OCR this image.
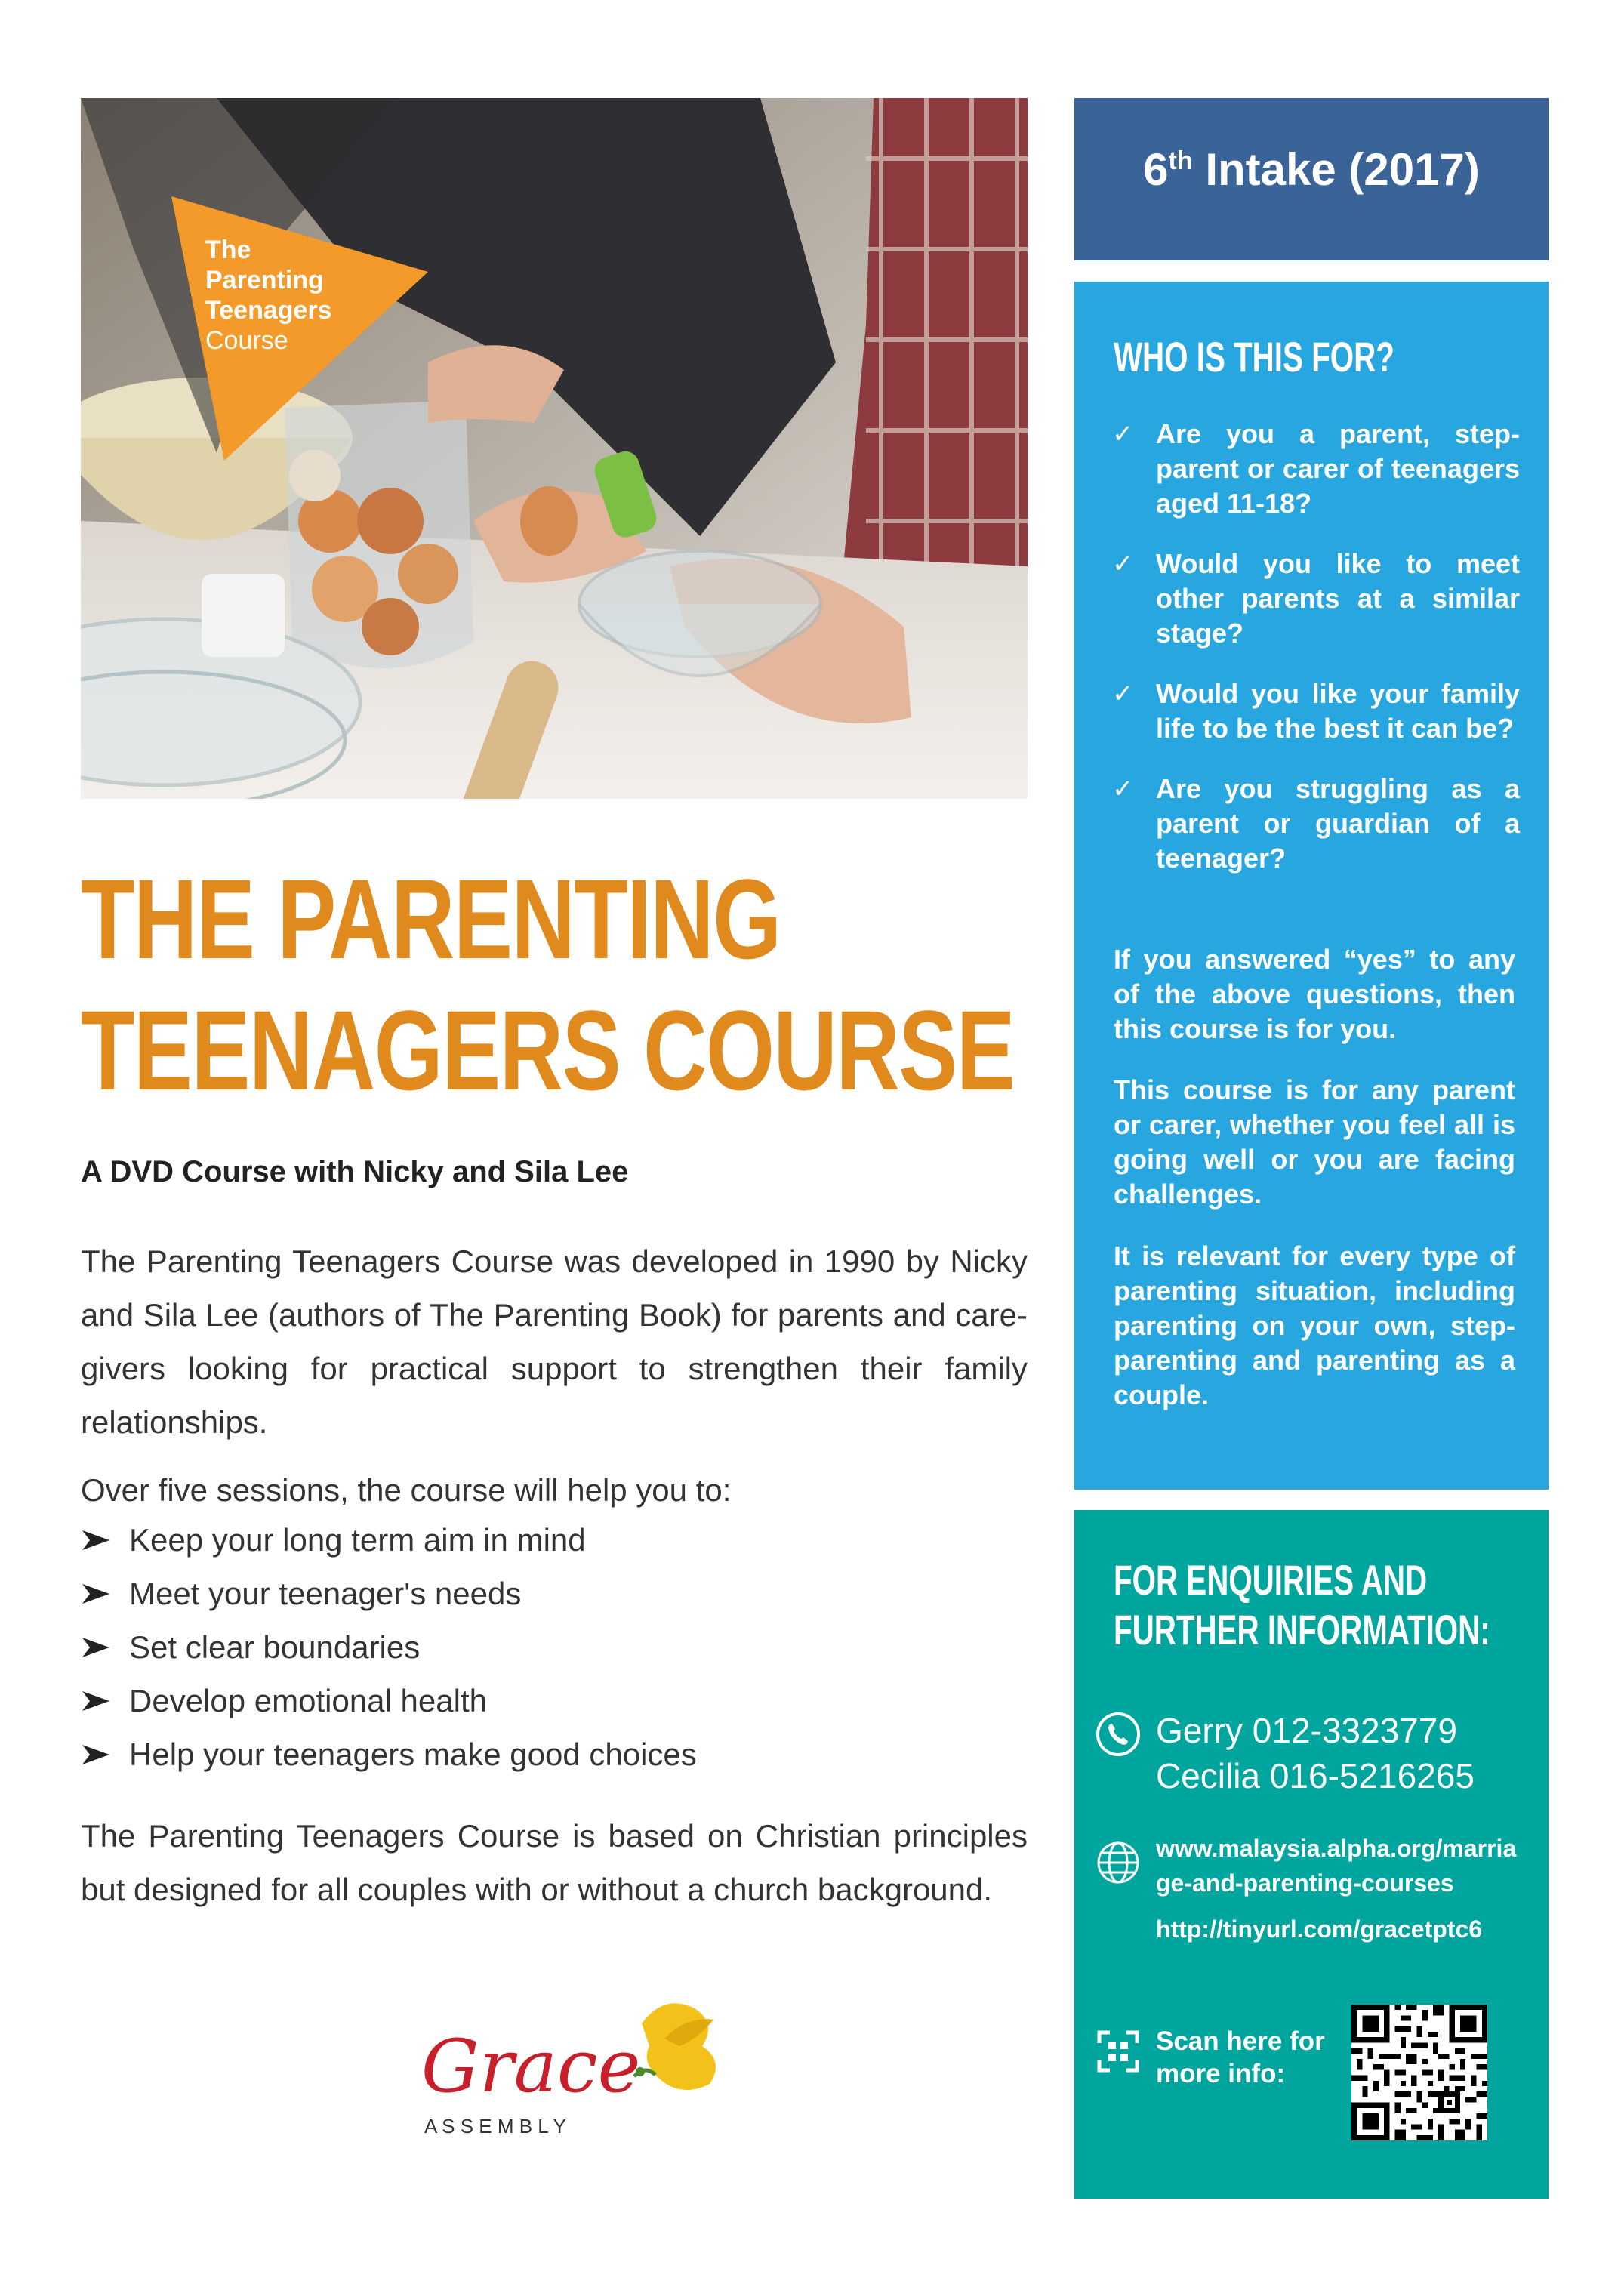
The
Parenting
Teenagers
Course
THE PARENTING
TEENAGERS COURSE
A DVD Course with Nicky and Sila Lee
The Parenting Teenagers Course was developed in 1990 by Nicky and Sila Lee (authors of The Parenting Book) for parents and care-givers looking for practical support to strengthen their family relationships.
Over five sessions, the course will help you to:
Keep your long term aim in mind
Meet your teenager's needs
Set clear boundaries
Develop emotional health
Help your teenagers make good choices
The Parenting Teenagers Course is based on Christian principles but designed for all couples with or without a church background.
Grace
A S S E M B L Y
6th Intake (2017)
WHO IS THIS FOR?
✓ Are you a parent, step-parent or carer of teenagers aged 11-18?
✓ Would you like to meet other parents at a similar stage?
✓ Would you like your family life to be the best it can be?
✓ Are you struggling as a parent or guardian of a teenager?
If you answered “yes” to any of the above questions, then this course is for you.
This course is for any parent or carer, whether you feel all is going well or you are facing challenges.
It is relevant for every type of parenting situation, including parenting on your own, step-parenting and parenting as a couple.
FOR ENQUIRIES AND
FURTHER INFORMATION:
Gerry 012-3323779
Cecilia 016-5216265
www.malaysia.alpha.org/marriage-and-parenting-courses
http://tinyurl.com/gracetptc6
Scan here for more info:
